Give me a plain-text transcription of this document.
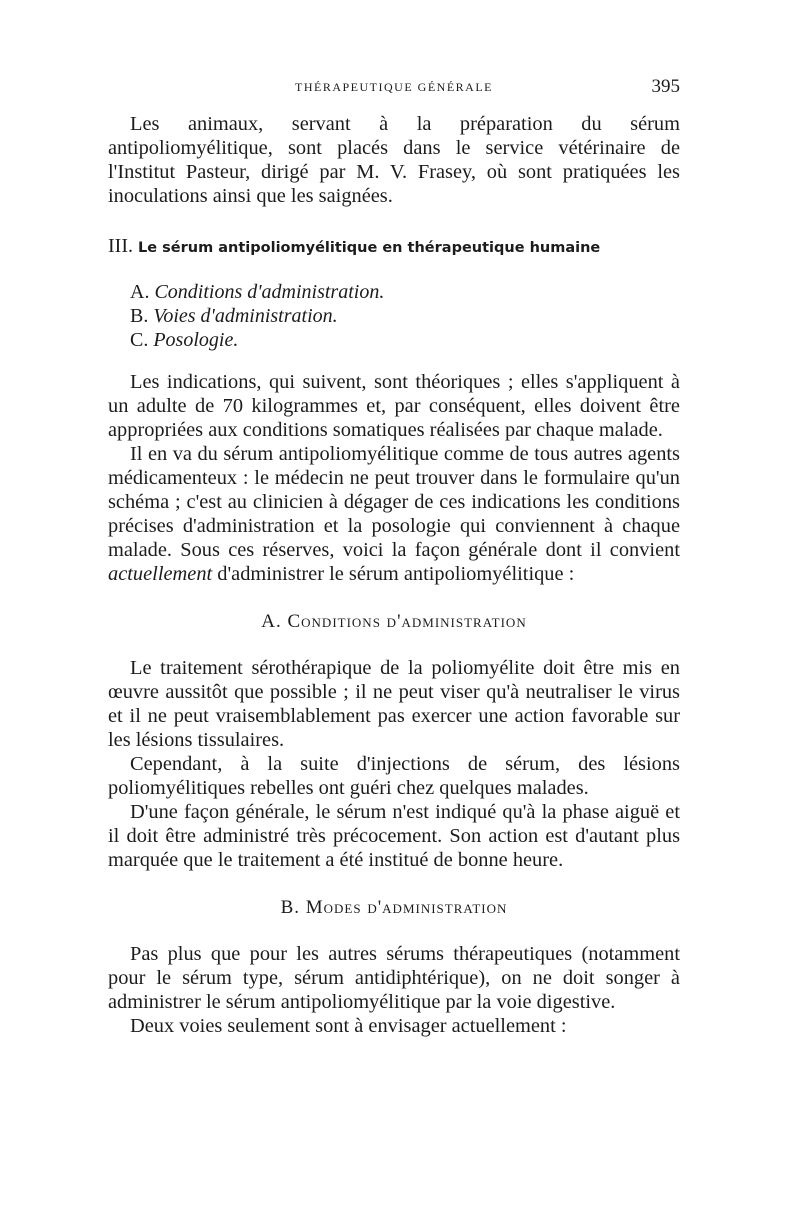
THÉRAPEUTIQUE GÉNÉRALE	395

Les animaux, servant à la préparation du sérum antipoliomyélitique, sont placés dans le service vétérinaire de l'Institut Pasteur, dirigé par M. V. Frasey, où sont pratiquées les inoculations ainsi que les saignées.

III. Le sérum antipoliomyélitique en thérapeutique humaine
A. Conditions d'administration.
B. Voies d'administration.
C. Posologie.

Les indications, qui suivent, sont théoriques ; elles s'appliquent à un adulte de 70 kilogrammes et, par conséquent, elles doivent être appropriées aux conditions somatiques réalisées par chaque malade.

Il en va du sérum antipoliomyélitique comme de tous autres agents médicamenteux : le médecin ne peut trouver dans le formulaire qu'un schéma ; c'est au clinicien à dégager de ces indications les conditions précises d'administration et la posologie qui conviennent à chaque malade. Sous ces réserves, voici la façon générale dont il convient actuellement d'administrer le sérum antipoliomyélitique :

A. Conditions d'administration

Le traitement sérothérapique de la poliomyélite doit être mis en œuvre aussitôt que possible ; il ne peut viser qu'à neutraliser le virus et il ne peut vraisemblablement pas exercer une action favorable sur les lésions tissulaires.

Cependant, à la suite d'injections de sérum, des lésions poliomyélitiques rebelles ont guéri chez quelques malades.

D'une façon générale, le sérum n'est indiqué qu'à la phase aiguë et il doit être administré très précocement. Son action est d'autant plus marquée que le traitement a été institué de bonne heure.

B. Modes d'administration

Pas plus que pour les autres sérums thérapeutiques (notamment pour le sérum type, sérum antidiphtérique), on ne doit songer à administrer le sérum antipoliomyélitique par la voie digestive.

Deux voies seulement sont à envisager actuellement :
